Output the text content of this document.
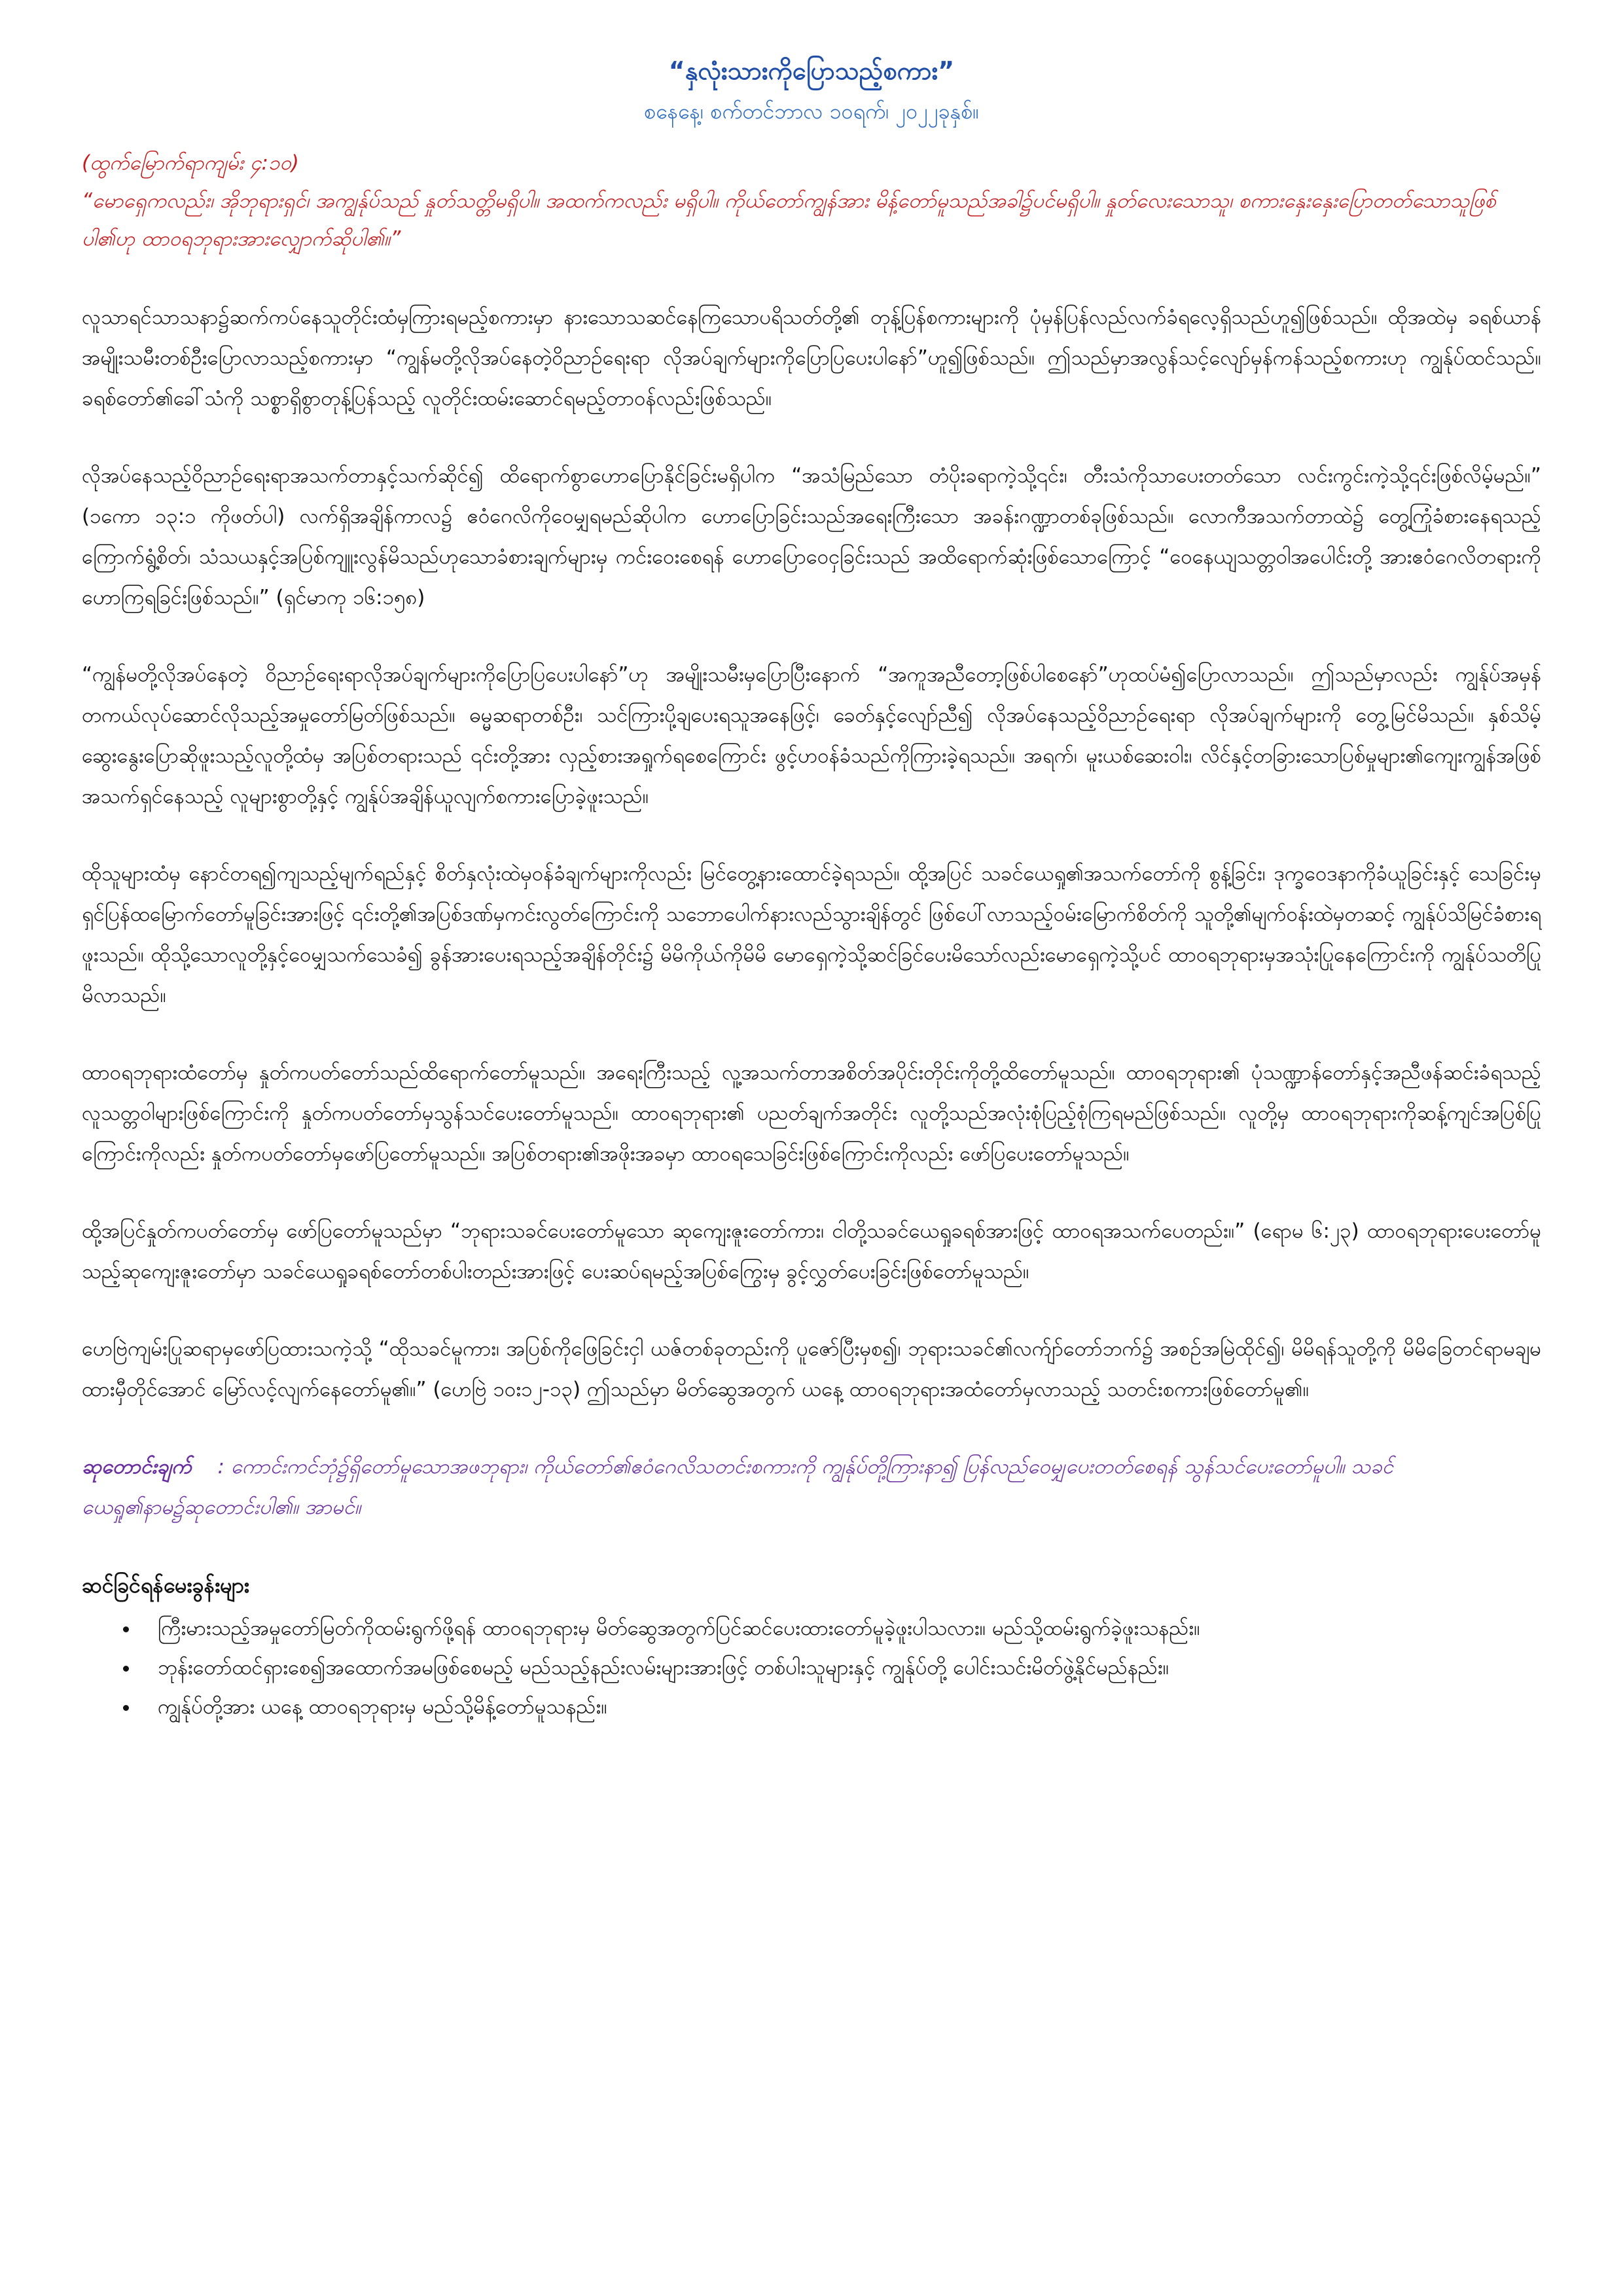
“နှလုံးသားကိုပြောသည့်စကား”
စနေနေ့၊ စက်တင်ဘာလ ၁၀ရက်၊ ၂၀၂၂ခုနှစ်။

(ထွက်မြောက်ရာကျမ်း ၄:၁၀)

“မောရှေကလည်း၊ အိုဘုရားရှင်၊ အကျွန်ုပ်သည် နှုတ်သတ္တိမရှိပါ။ အထက်ကလည်း မရှိပါ။ ကိုယ်တော်ကျွန်အား မိန့်တော်မူသည်အခါ၌ပင်မရှိပါ။ နှုတ်လေးသောသူ၊ စကားနှေးနှေးပြောတတ်သောသူဖြစ်ပါ၏ဟု ထာဝရဘုရားအားလျှောက်ဆိုပါ၏။”

လူသာရင်သာသနာ၌ဆက်ကပ်နေသူတိုင်းထံမှကြားရမည့်စကားမှာ နားသောသဆင်နေကြသောပရိသတ်တို့၏ တုန့်ပြန်စကားများကို ပုံမှန်ပြန်လည်လက်ခံရလေ့ရှိသည်ဟူ၍ဖြစ်သည်။ ထိုအထဲမှ ခရစ်ယာန်အမျိုးသမီးတစ်ဦးပြောလာသည့်စကားမှာ “ကျွန်မတို့လိုအပ်နေတဲ့ဝိညာဉ်ရေးရာ လိုအပ်ချက်များကိုပြောပြပေးပါနော်”ဟူ၍ဖြစ်သည်။ ဤသည်မှာအလွန်သင့်လျော်မှန်ကန်သည့်စကားဟု ကျွန်ုပ်ထင်သည်။ ခရစ်တော်၏ခေါ်သံကို သစ္စာရှိစွာတုန့်ပြန်သည့် လူတိုင်းထမ်းဆောင်ရမည့်တာဝန်လည်းဖြစ်သည်။

လိုအပ်နေသည့်ဝိညာဉ်ရေးရာအသက်တာနှင့်သက်ဆိုင်၍ ထိရောက်စွာဟောပြောနိုင်ခြင်းမရှိပါက “အသံမြည်သော တံပိုးခရာကဲ့သို့၎င်း၊ တီးသံကိုသာပေးတတ်သော လင်းကွင်းကဲ့သို့၎င်းဖြစ်လိမ့်မည်။” (၁ကော ၁၃:၁ ကိုဖတ်ပါ) လက်ရှိအချိန်ကာလ၌ ဧဝံဂေလိကိုဝေမျှရမည်ဆိုပါက ဟောပြောခြင်းသည်အရေးကြီးသော အခန်းဂဏ္ဍာတစ်ခုဖြစ်သည်။ လောကီအသက်တာထဲ၌ တွေ့ကြုံခံစားနေရသည့် ကြောက်ရွံ့စိတ်၊ သံသယနှင့်အပြစ်ကျူးလွန်မိသည်ဟုသောခံစားချက်များမှ ကင်းဝေးစေရန် ဟောပြောဝေငှခြင်းသည် အထိရောက်ဆုံးဖြစ်သောကြောင့် “ဝေနေယျသတ္တဝါအပေါင်းတို့ အားဧဝံဂေလိတရားကို ဟောကြရခြင်းဖြစ်သည်။” (ရှင်မာကု ၁၆:၁၅၈)

“ကျွန်မတို့လိုအပ်နေတဲ့ ဝိညာဉ်ရေးရာလိုအပ်ချက်များကိုပြောပြပေးပါနော်”ဟု အမျိုးသမီးမှပြောပြီးနောက် “အကူအညီတော့ဖြစ်ပါစေနော်”ဟုထပ်မံ၍ပြောလာသည်။ ဤသည်မှာလည်း ကျွန်ုပ်အမှန်တကယ်လုပ်ဆောင်လိုသည့်အမှုတော်မြတ်ဖြစ်သည်။ ဓမ္မဆရာတစ်ဦး၊ သင်ကြားပို့ချပေးရသူအနေဖြင့်၊ ခေတ်နှင့်လျော်ညီ၍ လိုအပ်နေသည့်ဝိညာဉ်ရေးရာ လိုအပ်ချက်များကို တွေ့မြင်မိသည်။ နှစ်သိမ့်ဆွေးနွေးပြောဆိုဖူးသည့်လူတို့ထံမှ အပြစ်တရားသည် ၎င်းတို့အား လှည့်စားအရှုက်ရစေကြောင်း ဖွင့်ဟဝန်ခံသည်ကိုကြားခဲ့ရသည်။ အရက်၊ မူးယစ်ဆေးဝါး၊ လိင်နှင့်တခြားသောပြစ်မှုများ၏ကျေးကျွန်အဖြစ် အသက်ရှင်နေသည့် လူများစွာတို့နှင့် ကျွန်ုပ်အချိန်ယူလျက်စကားပြောခဲ့ဖူးသည်။

ထိုသူများထံမှ နောင်တရ၍ကျသည့်မျက်ရည်နှင့် စိတ်နှလုံးထဲမှဝန်ခံချက်များကိုလည်း မြင်တွေ့နားထောင်ခဲ့ရသည်။ ထို့အပြင် သခင်ယေရှု၏အသက်တော်ကို စွန့်ခြင်း၊ ဒုက္ခဝေဒနာကိုခံယူခြင်းနှင့် သေခြင်းမှရှင်ပြန်ထမြောက်တော်မူခြင်းအားဖြင့် ၎င်းတို့၏အပြစ်ဒဏ်မှကင်းလွတ်ကြောင်းကို သဘောပေါက်နားလည်သွားချိန်တွင် ဖြစ်ပေါ်လာသည့်ဝမ်းမြောက်စိတ်ကို သူတို့၏မျက်ဝန်းထဲမှတဆင့် ကျွန်ုပ်သိမြင်ခံစားရဖူးသည်။ ထိုသို့သောလူတို့နှင့်ဝေမျှသက်သေခံ၍ ခွန်အားပေးရသည့်အချိန်တိုင်း၌ မိမိကိုယ်ကိုမိမိ မောရှေကဲ့သို့ဆင်ခြင်ပေးမိသော်လည်းမောရှေကဲ့သို့ပင် ထာဝရဘုရားမှအသုံးပြုနေကြောင်းကို ကျွန်ုပ်သတိပြုမိလာသည်။

ထာဝရဘုရားထံတော်မှ နှုတ်ကပတ်တော်သည်ထိရောက်တော်မူသည်။ အရေးကြီးသည့် လူ့အသက်တာအစိတ်အပိုင်းတိုင်းကိုတို့ထိတော်မူသည်။ ထာဝရဘုရား၏ ပုံသဏ္ဍာန်တော်နှင့်အညီဖန်ဆင်းခံရသည့် လူသတ္တဝါများဖြစ်ကြောင်းကို နှုတ်ကပတ်တော်မှသွန်သင်ပေးတော်မူသည်။ ထာဝရဘုရား၏ ပညတ်ချက်အတိုင်း လူတို့သည်အလုံးစုံပြည့်စုံကြရမည်ဖြစ်သည်။ လူတို့မှ ထာဝရဘုရားကိုဆန့်ကျင်အပြစ်ပြုကြောင်းကိုလည်း နှုတ်ကပတ်တော်မှဖော်ပြတော်မူသည်။ အပြစ်တရား၏အဖိုးအခမှာ ထာဝရသေခြင်းဖြစ်ကြောင်းကိုလည်း ဖော်ပြပေးတော်မူသည်။

ထို့အပြင်နှုတ်ကပတ်တော်မှ ဖော်ပြတော်မူသည်မှာ “ဘုရားသခင်ပေးတော်မူသော ဆုကျေးဇူးတော်ကား၊ ငါတို့သခင်ယေရှုခရစ်အားဖြင့် ထာဝရအသက်ပေတည်း။” (ရောမ ၆:၂၃) ထာဝရဘုရားပေးတော်မူသည့်ဆုကျေးဇူးတော်မှာ သခင်ယေရှုခရစ်တော်တစ်ပါးတည်းအားဖြင့် ပေးဆပ်ရမည့်အပြစ်ကြွေးမှ ခွင့်လွှတ်ပေးခြင်းဖြစ်တော်မူသည်။

ဟေဗြဲကျမ်းပြုဆရာမှဖော်ပြထားသကဲ့သို့ “ထိုသခင်မူကား၊ အပြစ်ကိုဖြေခြင်းငှါ ယဇ်တစ်ခုတည်းကို ပူဇော်ပြီးမှစ၍၊ ဘုရားသခင်၏လက်ျာ်တော်ဘက်၌ အစဉ်အမြဲထိုင်၍၊ မိမိရန်သူတို့ကို မိမိခြေတင်ရာမချမထားမှီတိုင်အောင် မြော်လင့်လျက်နေတော်မူ၏။” (ဟေဗြဲ ၁၀း၁၂-၁၃) ဤသည်မှာ မိတ်ဆွေအတွက် ယနေ့ ထာဝရဘုရားအထံတော်မှလာသည့် သတင်းစကားဖြစ်တော်မူ၏။

ဆုတောင်းချက် : ကောင်းကင်ဘုံ၌ရှိတော်မူသောအဖဘုရား၊ ကိုယ်တော်၏ဧဝံဂေလိသတင်းစကားကို ကျွန်ုပ်တို့ကြားနာ၍ ပြန်လည်ဝေမျှပေးတတ်စေရန် သွန်သင်ပေးတော်မူပါ။ သခင်ယေရှု၏နာမ၌ဆုတောင်းပါ၏။ အာမင်။

ဆင်ခြင်ရန်မေးခွန်းများ
• ကြီးမားသည့်အမှုတော်မြတ်ကိုထမ်းရွက်ဖို့ရန် ထာဝရဘုရားမှ မိတ်ဆွေအတွက်ပြင်ဆင်ပေးထားတော်မူခဲ့ဖူးပါသလား။ မည်သို့ထမ်းရွက်ခဲ့ဖူးသနည်း။
• ဘုန်းတော်ထင်ရှားစေ၍အထောက်အမဖြစ်စေမည့် မည်သည့်နည်းလမ်းများအားဖြင့် တစ်ပါးသူများနှင့် ကျွန်ုပ်တို့ ပေါင်းသင်းမိတ်ဖွဲ့နိုင်မည်နည်း။
• ကျွန်ုပ်တို့အား ယနေ့ ထာဝရဘုရားမှ မည်သို့မိန့်တော်မူသနည်း။
